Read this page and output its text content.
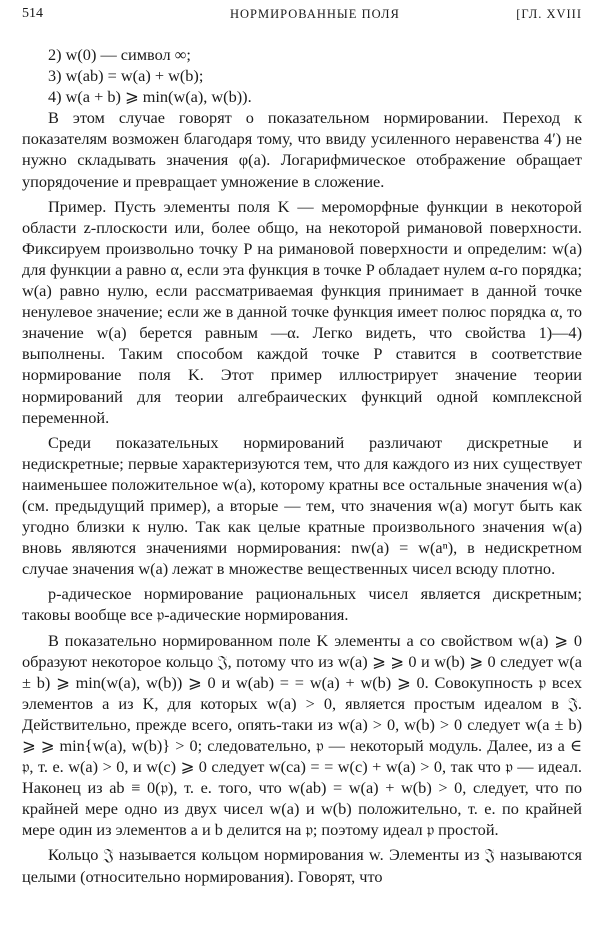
514	НОРМИРОВАННЫЕ ПОЛЯ	[ГЛ. XVIII

2) w(0) — символ ∞;

3) w(ab) = w(a) + w(b);

4) w(a + b) ⩾ min(w(a), w(b)).

В этом случае говорят о показательном нормировании. Переход к показателям возможен благодаря тому, что ввиду усиленного неравенства 4′) не нужно складывать значения φ(a). Логарифмическое отображение обращает упорядочение и превращает умножение в сложение.

Пример. Пусть элементы поля K — мероморфные функции в некоторой области z-плоскости или, более общо, на некоторой римановой поверхности. Фиксируем произвольно точку P на римановой поверхности и определим: w(a) для функции a равно α, если эта функция в точке P обладает нулем α-го порядка; w(a) равно нулю, если рассматриваемая функция принимает в данной точке ненулевое значение; если же в данной точке функция имеет полюс порядка α, то значение w(a) берется равным —α. Легко видеть, что свойства 1)—4) выполнены. Таким способом каждой точке P ставится в соответствие нормирование поля K. Этот пример иллюстрирует значение теории нормирований для теории алгебраических функций одной комплексной переменной.

Среди показательных нормирований различают дискретные и недискретные; первые характеризуются тем, что для каждого из них существует наименьшее положительное w(a), которому кратны все остальные значения w(a) (см. предыдущий пример), а вторые — тем, что значения w(a) могут быть как угодно близки к нулю. Так как целые кратные произвольного значения w(a) вновь являются значениями нормирования: nw(a) = w(aⁿ), в недискретном случае значения w(a) лежат в множестве вещественных чисел всюду плотно.

p-адическое нормирование рациональных чисел является дискретным; таковы вообще все 𝔭-адические нормирования.

В показательно нормированном поле K элементы a со свойством w(a) ⩾ 0 образуют некоторое кольцо 𝔍, потому что из w(a) ⩾ ⩾ 0 и w(b) ⩾ 0 следует w(a ± b) ⩾ min(w(a), w(b)) ⩾ 0 и w(ab) = = w(a) + w(b) ⩾ 0. Совокупность 𝔭 всех элементов a из K, для которых w(a) > 0, является простым идеалом в 𝔍. Действительно, прежде всего, опять-таки из w(a) > 0, w(b) > 0 следует w(a ± b) ⩾ ⩾ min{w(a), w(b)} > 0; следовательно, 𝔭 — некоторый модуль. Далее, из a ∈ 𝔭, т. е. w(a) > 0, и w(c) ⩾ 0 следует w(ca) = = w(c) + w(a) > 0, так что 𝔭 — идеал. Наконец из ab ≡ 0(𝔭), т. е. того, что w(ab) = w(a) + w(b) > 0, следует, что по крайней мере одно из двух чисел w(a) и w(b) положительно, т. е. по крайней мере один из элементов a и b делится на 𝔭; поэтому идеал 𝔭 простой.

Кольцо 𝔍 называется кольцом нормирования w. Элементы из 𝔍 называются целыми (относительно нормирования). Говорят, что
